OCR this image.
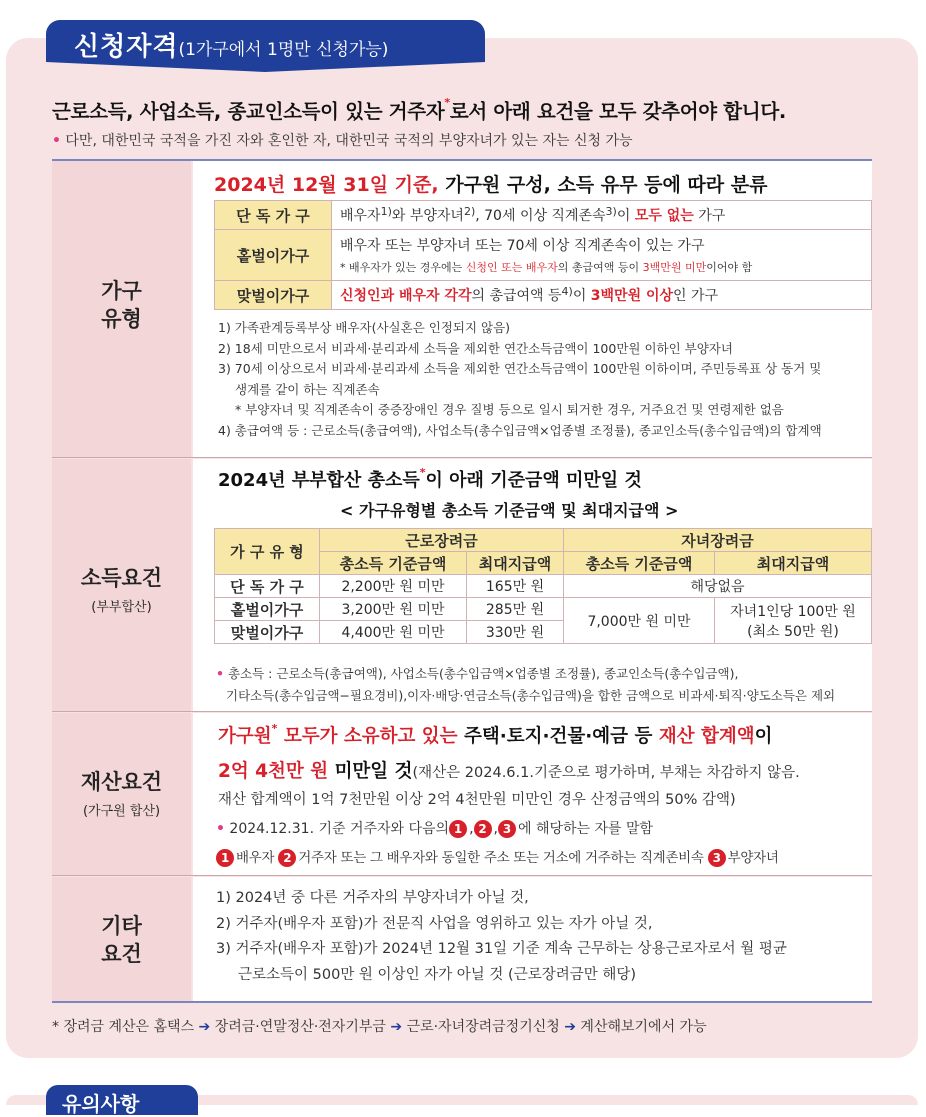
신청자격(1가구에서 1명만 신청가능)
근로소득, 사업소득, 종교인소득이 있는 거주자*로서 아래 요건을 모두 갖추어야 합니다.
• 다만, 대한민국 국적을 가진 자와 혼인한 자, 대한민국 국적의 부양자녀가 있는 자는 신청 가능
가구
유형
2024년 12월 31일 기준, 가구원 구성, 소득 유무 등에 따라 분류
단 독 가 구	배우자$^{1)}$와 부양자녀$^{2)}$, 70세 이상 직계존속$^{3)}$이 모두 없는 가구
홑벌이가구	배우자 또는 부양자녀 또는 70세 이상 직계존속이 있는 가구
* 배우자가 있는 경우에는 신청인 또는 배우자의 총급여액 등이 3백만원 미만이어야 함

맞벌이가구	신청인과 배우자 각각의 총급여액 등$^{4)}$이 3백만원 이상인 가구
1) 가족관계등록부상 배우자(사실혼은 인정되지 않음)
2) 18세 미만으로서 비과세·분리과세 소득을 제외한 연간소득금액이 100만원 이하인 부양자녀
3) 70세 이상으로서 비과세·분리과세 소득을 제외한 연간소득금액이 100만원 이하이며, 주민등록표 상 동거 및
생계를 같이 하는 직계존속
* 부양자녀 및 직계존속이 중증장애인 경우 질병 등으로 일시 퇴거한 경우, 거주요건 및 연령제한 없음
4) 총급여액 등 : 근로소득(총급여액), 사업소득(총수입금액×업종별 조정률), 종교인소득(총수입금액)의 합계액
소득요건
(부부합산)
2024년 부부합산 총소득*이 아래 기준금액 미만일 것
< 가구유형별 총소득 기준금액 및 최대지급액 >
가 구 유 형	근로장려금		자녀장려금	
	총소득 기준금액	최대지급액	총소득 기준금액	최대지급액
단 독 가 구	2,200만 원 미만	165만 원	해당없음	
홑벌이가구	3,200만 원 미만	285만 원	7,000만 원 미만	자녀1인당 100만 원
(최소 50만 원)

맞벌이가구	4,400만 원 미만	330만 원		
• 총소득 : 근로소득(총급여액), 사업소득(총수입금액×업종별 조정률), 종교인소득(총수입금액),
기타소득(총수입금액−필요경비),이자·배당·연금소득(총수입금액)을 합한 금액으로 비과세·퇴직·양도소득은 제외
재산요건
(가구원 합산)
가구원* 모두가 소유하고 있는 주택·토지·건물·예금 등 재산 합계액이
2억 4천만 원 미만일 것(재산은 2024.6.1.기준으로 평가하며, 부채는 차감하지 않음.
재산 합계액이 1억 7천만원 이상 2억 4천만원 미만인 경우 산정금액의 50% 감액)
• 2024.12.31. 기준 거주자와 다음의 1 , 2 , 3 에 해당하는 자를 말함
1 배우자 2 거주자 또는 그 배우자와 동일한 주소 또는 거소에 거주하는 직계존비속 3 부양자녀
기타
요건
1) 2024년 중 다른 거주자의 부양자녀가 아닐 것,
2) 거주자(배우자 포함)가 전문직 사업을 영위하고 있는 자가 아닐 것,
3) 거주자(배우자 포함)가 2024년 12월 31일 기준 계속 근무하는 상용근로자로서 월 평균
근로소득이 500만 원 이상인 자가 아닐 것 (근로장려금만 해당)
* 장려금 계산은 홈택스 ➔ 장려금·연말정산·전자기부금 ➔ 근로·자녀장려금정기신청 ➔ 계산해보기에서 가능
유의사항
